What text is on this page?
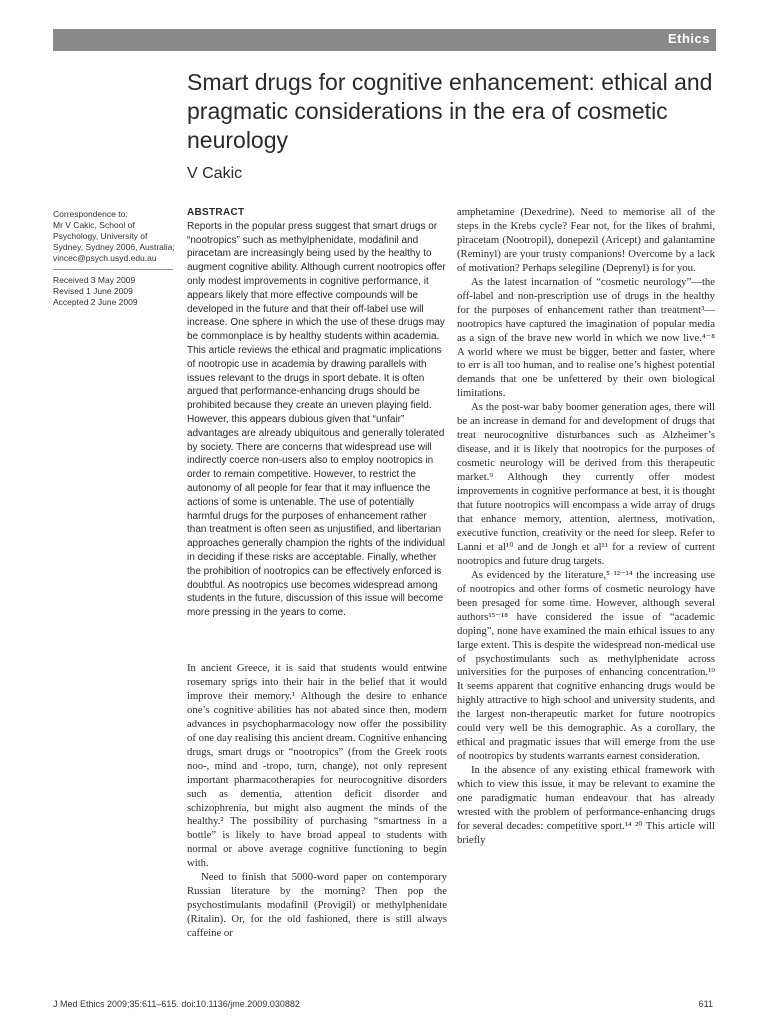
Ethics
Smart drugs for cognitive enhancement: ethical and pragmatic considerations in the era of cosmetic neurology
V Cakic
Correspondence to:
Mr V Cakic, School of
Psychology, University of
Sydney, Sydney 2006, Australia;
vincec@psych.usyd.edu.au
Received 3 May 2009
Revised 1 June 2009
Accepted 2 June 2009
ABSTRACT

Reports in the popular press suggest that smart drugs or “nootropics” such as methylphenidate, modafinil and piracetam are increasingly being used by the healthy to augment cognitive ability. Although current nootropics offer only modest improvements in cognitive performance, it appears likely that more effective compounds will be developed in the future and that their off-label use will increase. One sphere in which the use of these drugs may be commonplace is by healthy students within academia. This article reviews the ethical and pragmatic implications of nootropic use in academia by drawing parallels with issues relevant to the drugs in sport debate. It is often argued that performance-enhancing drugs should be prohibited because they create an uneven playing field. However, this appears dubious given that “unfair” advantages are already ubiquitous and generally tolerated by society. There are concerns that widespread use will indirectly coerce non-users also to employ nootropics in order to remain competitive. However, to restrict the autonomy of all people for fear that it may influence the actions of some is untenable. The use of potentially harmful drugs for the purposes of enhancement rather than treatment is often seen as unjustified, and libertarian approaches generally champion the rights of the individual in deciding if these risks are acceptable. Finally, whether the prohibition of nootropics can be effectively enforced is doubtful. As nootropics use becomes widespread among students in the future, discussion of this issue will become more pressing in the years to come.

In ancient Greece, it is said that students would entwine rosemary sprigs into their hair in the belief that it would improve their memory.¹ Although the desire to enhance one’s cognitive abilities has not abated since then, modern advances in psychopharmacology now offer the possibility of one day realising this ancient dream. Cognitive enhancing drugs, smart drugs or “nootropics” (from the Greek roots noo-, mind and -tropo, turn, change), not only represent important pharmacotherapies for neurocognitive disorders such as dementia, attention deficit disorder and schizophrenia, but might also augment the minds of the healthy.² The possibility of purchasing “smartness in a bottle” is likely to have broad appeal to students with normal or above average cognitive functioning to begin with.

Need to finish that 5000-word paper on contemporary Russian literature by the morning? Then pop the psychostimulants modafinil (Provigil) or methylphenidate (Ritalin). Or, for the old fashioned, there is still always caffeine or

amphetamine (Dexedrine). Need to memorise all of the steps in the Krebs cycle? Fear not, for the likes of brahmi, piracetam (Nootropil), donepezil (Aricept) and galantamine (Reminyl) are your trusty companions! Overcome by a lack of motivation? Perhaps selegiline (Deprenyl) is for you.

As the latest incarnation of “cosmetic neurology”—the off-label and non-prescription use of drugs in the healthy for the purposes of enhancement rather than treatment³—nootropics have captured the imagination of popular media as a sign of the brave new world in which we now live.⁴⁻⁸ A world where we must be bigger, better and faster, where to err is all too human, and to realise one’s highest potential demands that one be unfettered by their own biological limitations.

As the post-war baby boomer generation ages, there will be an increase in demand for and development of drugs that treat neurocognitive disturbances such as Alzheimer’s disease, and it is likely that nootropics for the purposes of cosmetic neurology will be derived from this therapeutic market.⁹ Although they currently offer modest improvements in cognitive performance at best, it is thought that future nootropics will encompass a wide array of drugs that enhance memory, attention, alertness, motivation, executive function, creativity or the need for sleep. Refer to Lanni et al¹⁰ and de Jongh et al¹¹ for a review of current nootropics and future drug targets.

As evidenced by the literature,⁵ ¹²⁻¹⁴ the increasing use of nootropics and other forms of cosmetic neurology have been presaged for some time. However, although several authors¹⁵⁻¹⁸ have considered the issue of “academic doping”, none have examined the main ethical issues to any large extent. This is despite the widespread non-medical use of psychostimulants such as methylphenidate across universities for the purposes of enhancing concentration.¹⁹ It seems apparent that cognitive enhancing drugs would be highly attractive to high school and university students, and the largest non-therapeutic market for future nootropics could very well be this demographic. As a corollary, the ethical and pragmatic issues that will emerge from the use of nootropics by students warrants earnest consideration.

In the absence of any existing ethical framework with which to view this issue, it may be relevant to examine the one paradigmatic human endeavour that has already wrested with the problem of performance-enhancing drugs for several decades: competitive sport.¹⁴ ²⁰ This article will briefly

J Med Ethics 2009;35:611–615. doi:10.1136/jme.2009.030882	611
